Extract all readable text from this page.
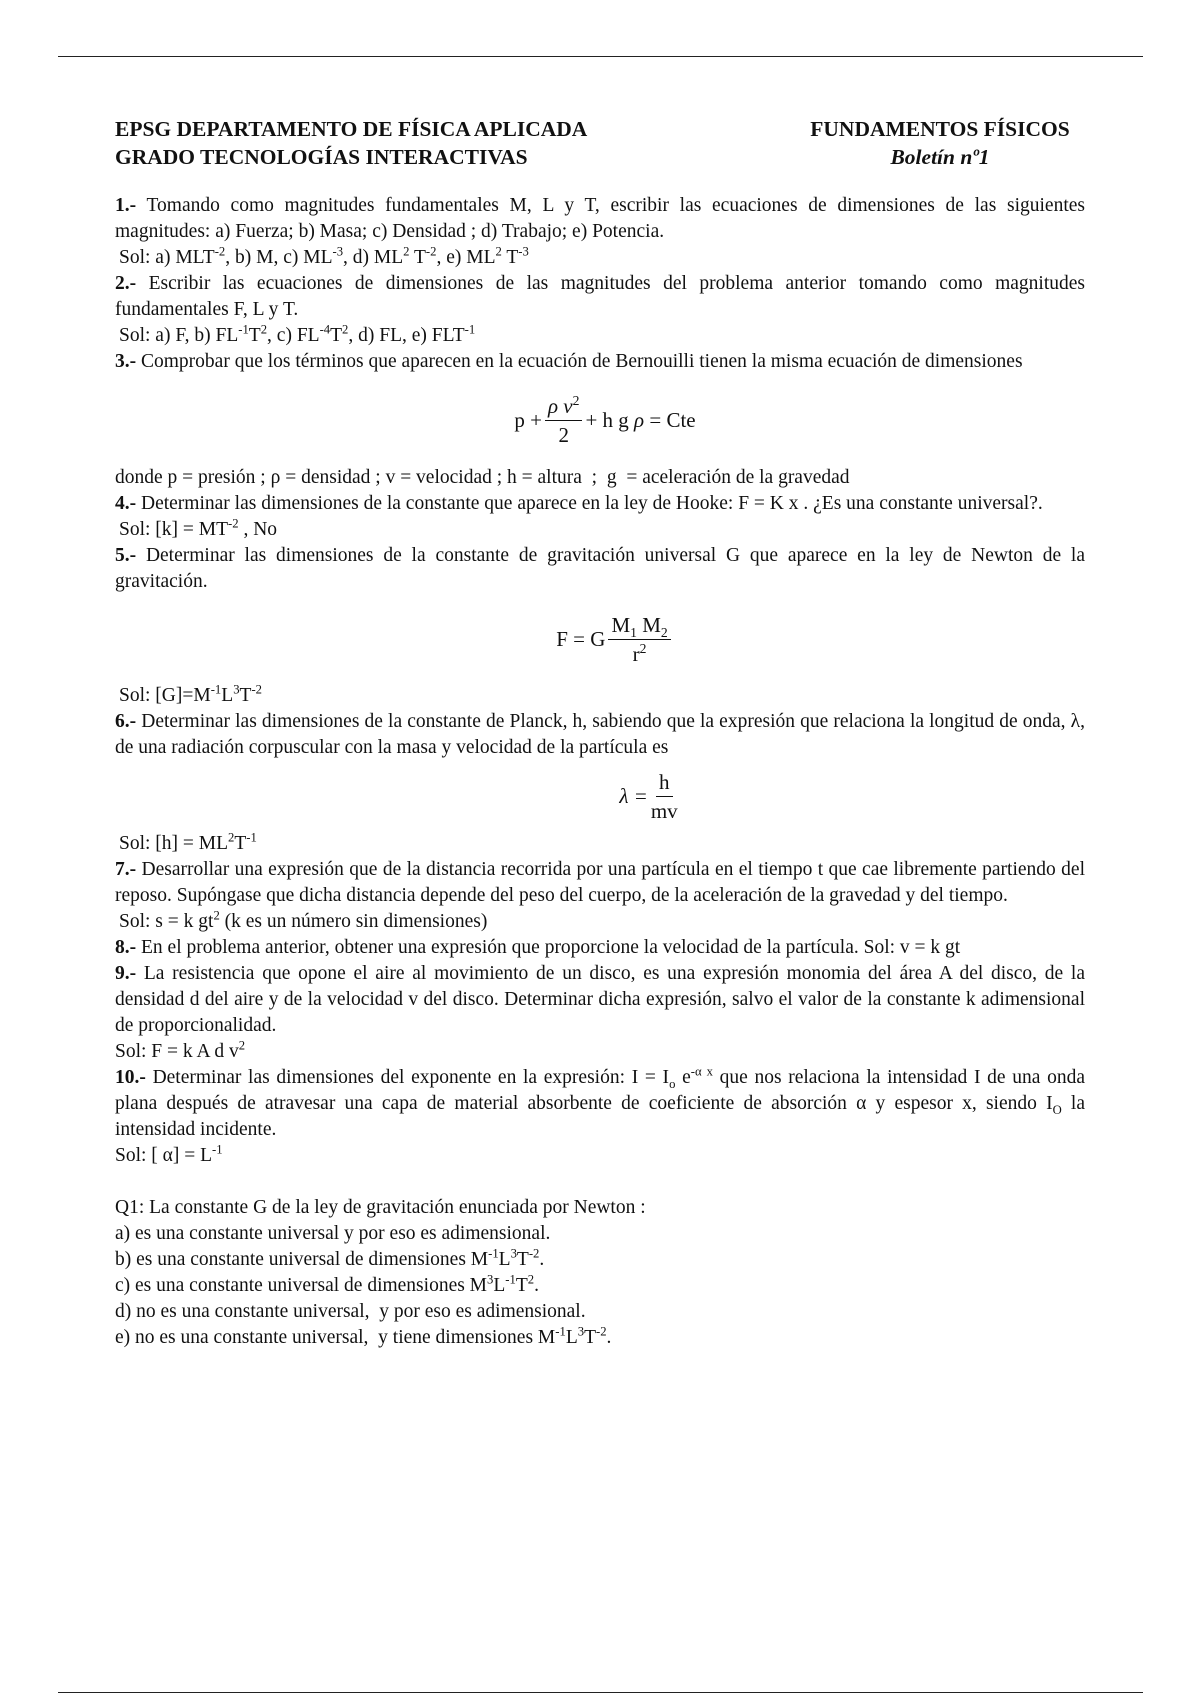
EPSG DEPARTAMENTO DE FÍSICA APLICADA
GRADO TECNOLOGÍAS INTERACTIVAS
FUNDAMENTOS FÍSICOS
Boletín nº1

1.- Tomando como magnitudes fundamentales M, L y T, escribir las ecuaciones de dimensiones de las siguientes magnitudes: a) Fuerza; b) Masa; c) Densidad ; d) Trabajo; e) Potencia.

Sol: a) $MLT^{-2}$, b) M, c) $ML^{-3}$, d) $ML^2$ $T^{-2}$, e) $ML^2$ $T^{-3}$

2.- Escribir las ecuaciones de dimensiones de las magnitudes del problema anterior tomando como magnitudes fundamentales F, L y T.

Sol: a) F, b) $FL^{-1}T^2$, c) $FL^{-4}T^2$, d) FL, e) $FLT^{-1}$

3.- Comprobar que los términos que aparecen en la ecuación de Bernouilli tienen la misma ecuación de dimensiones

$p + \frac{\rho v^2}{2} + h$ g ρ = Cte

donde p = presión ; ρ = densidad ; v = velocidad ; h = altura  ;  g  = aceleración de la gravedad

4.- Determinar las dimensiones de la constante que aparece en la ley de Hooke: F = K x . ¿Es una constante universal?.

Sol: $[k] = MT^{-2}$ , No

5.- Determinar las dimensiones de la constante de gravitación universal G que aparece en la ley de Newton de la gravitación.

F = G $\frac{M_1 M_2}{r^2}$

Sol: $[G]=M^{-1}L^3T^{-2}$

6.- Determinar las dimensiones de la constante de Planck, h, sabiendo que la expresión que relaciona la longitud de onda, λ, de una radiación corpuscular con la masa y velocidad de la partícula es

$\lambda = \frac{h}{mv}$

Sol: $[h] = ML^2T^{-1}$

7.- Desarrollar una expresión que de la distancia recorrida por una partícula en el tiempo t que cae libremente partiendo del reposo. Supóngase que dicha distancia depende del peso del cuerpo, de la aceleración de la gravedad y del tiempo.

Sol: s = k $gt^2$ (k es un número sin dimensiones)

8.- En el problema anterior, obtener una expresión que proporcione la velocidad de la partícula. Sol: v = k gt

9.- La resistencia que opone el aire al movimiento de un disco, es una expresión monomia del área A del disco, de la densidad d del aire y de la velocidad v del disco. Determinar dicha expresión, salvo el valor de la constante k adimensional de proporcionalidad.

Sol: F = k A d $v^2$

10.- Determinar las dimensiones del exponente en la expresión: $I = I_o$ $e^{-\alpha x}$ que nos relaciona la intensidad I de una onda plana después de atravesar una capa de material absorbente de coeficiente de absorción α y espesor x, siendo $I_O$ la intensidad incidente.

Sol: [ $\alpha] = L^{-1}$

Q1: La constante G de la ley de gravitación enunciada por Newton :

a) es una constante universal y por eso es adimensional.

b) es una constante universal de dimensiones $M^{-1}L^3T^{-2}$.

c) es una constante universal de dimensiones $M^3L^{-1}T^2$.

d) no es una constante universal,  y por eso es adimensional.

e) no es una constante universal,  y tiene dimensiones $M^{-1}L^3T^{-2}$.
